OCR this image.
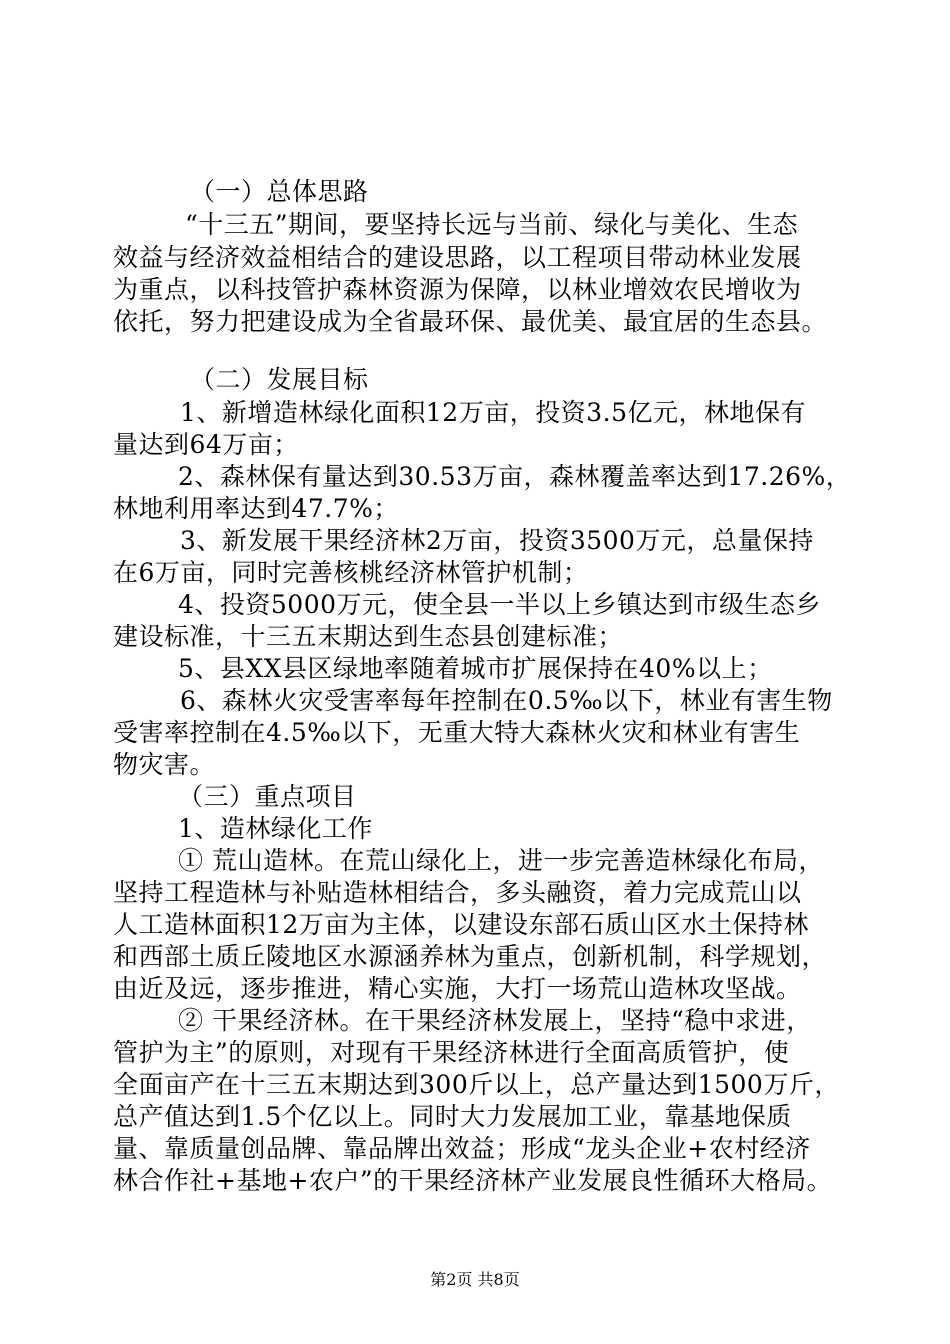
（一）总体思路
“十三五”期间，要坚持长远与当前、绿化与美化、生态
效益与经济效益相结合的建设思路，以工程项目带动林业发展
为重点，以科技管护森林资源为保障，以林业增效农民增收为
依托，努力把建设成为全省最环保、最优美、最宜居的生态县。
（二）发展目标
1、新增造林绿化面积12万亩，投资3.5亿元，林地保有
量达到64万亩；
2、森林保有量达到30.53万亩，森林覆盖率达到17.26%，
林地利用率达到47.7%；
3、新发展干果经济林2万亩，投资3500万元，总量保持
在6万亩，同时完善核桃经济林管护机制；
4、投资5000万元，使全县一半以上乡镇达到市级生态乡
建设标准，十三五末期达到生态县创建标准；
5、县XX县区绿地率随着城市扩展保持在40%以上；
6、森林火灾受害率每年控制在0.5‰以下，林业有害生物
受害率控制在4.5‰以下，无重大特大森林火灾和林业有害生
物灾害。
（三）重点项目
1、造林绿化工作
① 荒山造林。在荒山绿化上，进一步完善造林绿化布局，
坚持工程造林与补贴造林相结合，多头融资，着力完成荒山以
人工造林面积12万亩为主体，以建设东部石质山区水土保持林
和西部土质丘陵地区水源涵养林为重点，创新机制，科学规划，
由近及远，逐步推进，精心实施，大打一场荒山造林攻坚战。
② 干果经济林。在干果经济林发展上，坚持“稳中求进，
管护为主”的原则，对现有干果经济林进行全面高质管护，使
全面亩产在十三五末期达到300斤以上，总产量达到1500万斤，
总产值达到1.5个亿以上。同时大力发展加工业，靠基地保质
量、靠质量创品牌、靠品牌出效益；形成“龙头企业+农村经济
林合作社+基地+农户”的干果经济林产业发展良性循环大格局。
第2页 共8页
